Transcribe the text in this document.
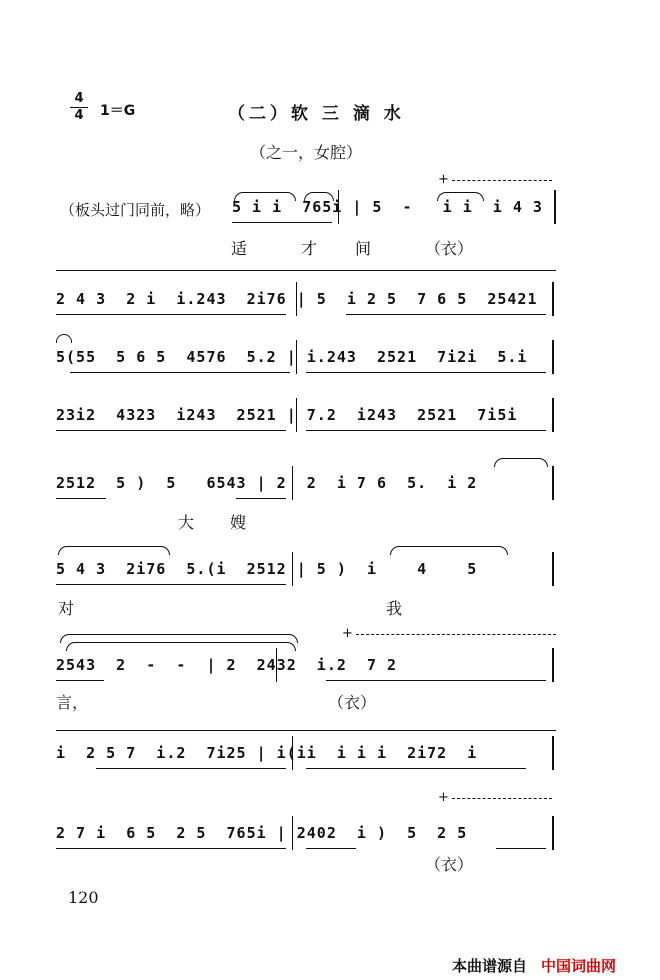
4
4	1＝G	（二）软 三 滴 水
（之一，女腔）
（板头过门同前，略） 5 i i  765i | 5  -   i i  i 4 3
+
适	才 间	（衣）
2 4 3  2 i  i.243  2i76 | 5  i 2 5  7 6 5  25421
5(55  5 6 5  4576  5.2 | i.243  2521  7i2i  5.i
23i2  4323  i243  2521 | 7.2  i243  2521  7i5i
2512  5 )  5   6543 | 2  2  i 7 6  5.  i 2
大 嫂
5 4 3  2i76  5.(i  2512 | 5 )  i    4    5
对	我
+
2543  2  -  -  | 2  2432  i.2  7 2
言，	（衣）
i  2 5 7  i.2  7i25 | i(ii  i i i  2i72  i
+
2 7 i  6 5  2 5  765i | 2402  i )  5  2 5
（衣）
120
本曲谱源自 中国词曲网
